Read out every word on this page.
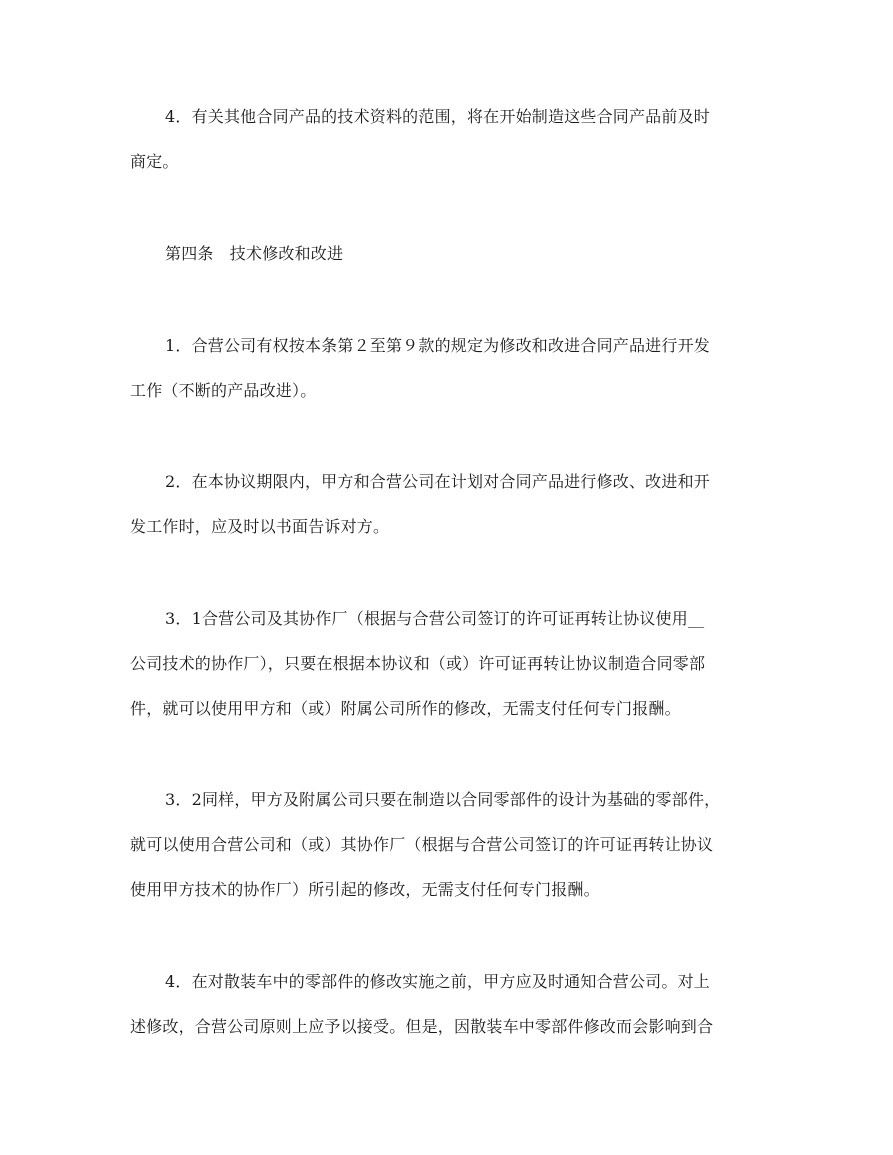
4．有关其他合同产品的技术资料的范围，将在开始制造这些合同产品前及时
商定。
第四条　技术修改和改进
1．合营公司有权按本条第２至第９款的规定为修改和改进合同产品进行开发
工作（不断的产品改进）。
2．在本协议期限内，甲方和合营公司在计划对合同产品进行修改、改进和开
发工作时，应及时以书面告诉对方。
3．1合营公司及其协作厂（根据与合营公司签订的许可证再转让协议使用__
公司技术的协作厂），只要在根据本协议和（或）许可证再转让协议制造合同零部
件，就可以使用甲方和（或）附属公司所作的修改，无需支付任何专门报酬。
3．2同样，甲方及附属公司只要在制造以合同零部件的设计为基础的零部件，
就可以使用合营公司和（或）其协作厂（根据与合营公司签订的许可证再转让协议
使用甲方技术的协作厂）所引起的修改，无需支付任何专门报酬。
4．在对散装车中的零部件的修改实施之前，甲方应及时通知合营公司。对上
述修改，合营公司原则上应予以接受。但是，因散装车中零部件修改而会影响到合
